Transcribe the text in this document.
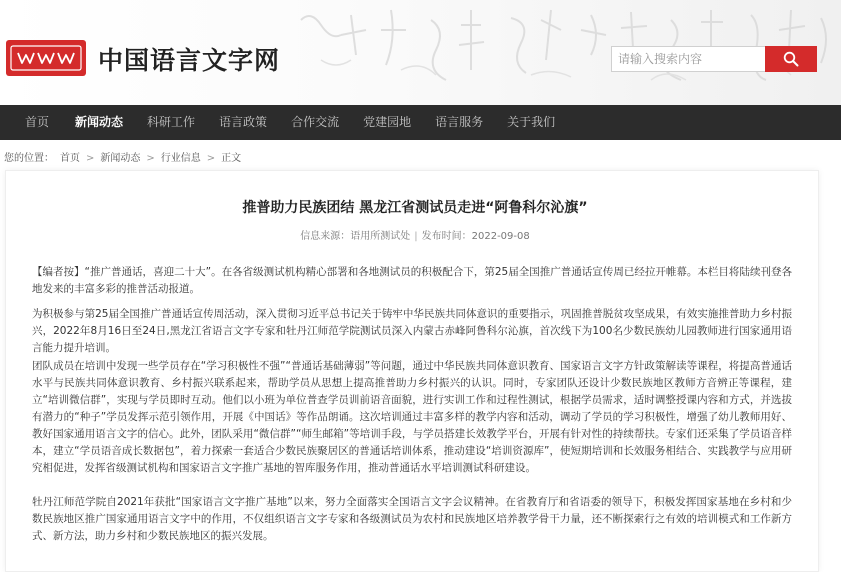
中国语言文字网
请输入搜索内容
首页	新闻动态	科研工作	语言政策	合作交流	党建园地	语言服务	关于我们
您的位置： 首页 > 新闻动态 > 行业信息 > 正文
推普助力民族团结 黑龙江省测试员走进“阿鲁科尔沁旗”
信息来源：语用所测试处 | 发布时间：2022-09-08

【编者按】“推广普通话，喜迎二十大”。在各省级测试机构精心部署和各地测试员的积极配合下，第25届全国推广普通话宣传周已经拉开帷幕。本栏目将陆续刊登各地发来的丰富多彩的推普活动报道。

为积极参与第25届全国推广普通话宣传周活动，深入贯彻习近平总书记关于铸牢中华民族共同体意识的重要指示，巩固推普脱贫攻坚成果，有效实施推普助力乡村振兴，2022年8月16日至24日,黑龙江省语言文字专家和牡丹江师范学院测试员深入内蒙古赤峰阿鲁科尔沁旗，首次线下为100名少数民族幼儿园教师进行国家通用语言能力提升培训。

团队成员在培训中发现一些学员存在“学习积极性不强”“普通话基础薄弱”等问题，通过中华民族共同体意识教育、国家语言文字方针政策解读等课程，将提高普通话水平与民族共同体意识教育、乡村振兴联系起来，帮助学员从思想上提高推普助力乡村振兴的认识。同时，专家团队还设计少数民族地区教师方音辨正等课程，建立“培训微信群”，实现与学员即时互动。他们以小班为单位普查学员训前语音面貌，进行实训工作和过程性测试，根据学员需求，适时调整授课内容和方式，并选拔有潜力的“种子”学员发挥示范引领作用，开展《中国话》等作品朗诵。这次培训通过丰富多样的教学内容和活动，调动了学员的学习积极性，增强了幼儿教师用好、教好国家通用语言文字的信心。此外，团队采用“微信群”“师生邮箱”等培训手段，与学员搭建长效教学平台，开展有针对性的持续帮扶。专家们还采集了学员语音样本，建立“学员语音成长数据包”，着力探索一套适合少数民族聚居区的普通话培训体系，推动建设“培训资源库”，使短期培训和长效服务相结合、实践教学与应用研究相促进，发挥省级测试机构和国家语言文字推广基地的智库服务作用，推动普通话水平培训测试科研建设。

牡丹江师范学院自2021年获批“国家语言文字推广基地”以来，努力全面落实全国语言文字会议精神。在省教育厅和省语委的领导下，积极发挥国家基地在乡村和少数民族地区推广国家通用语言文字中的作用，不仅组织语言文字专家和各级测试员为农村和民族地区培养教学骨干力量，还不断探索行之有效的培训模式和工作新方式、新方法，助力乡村和少数民族地区的振兴发展。
